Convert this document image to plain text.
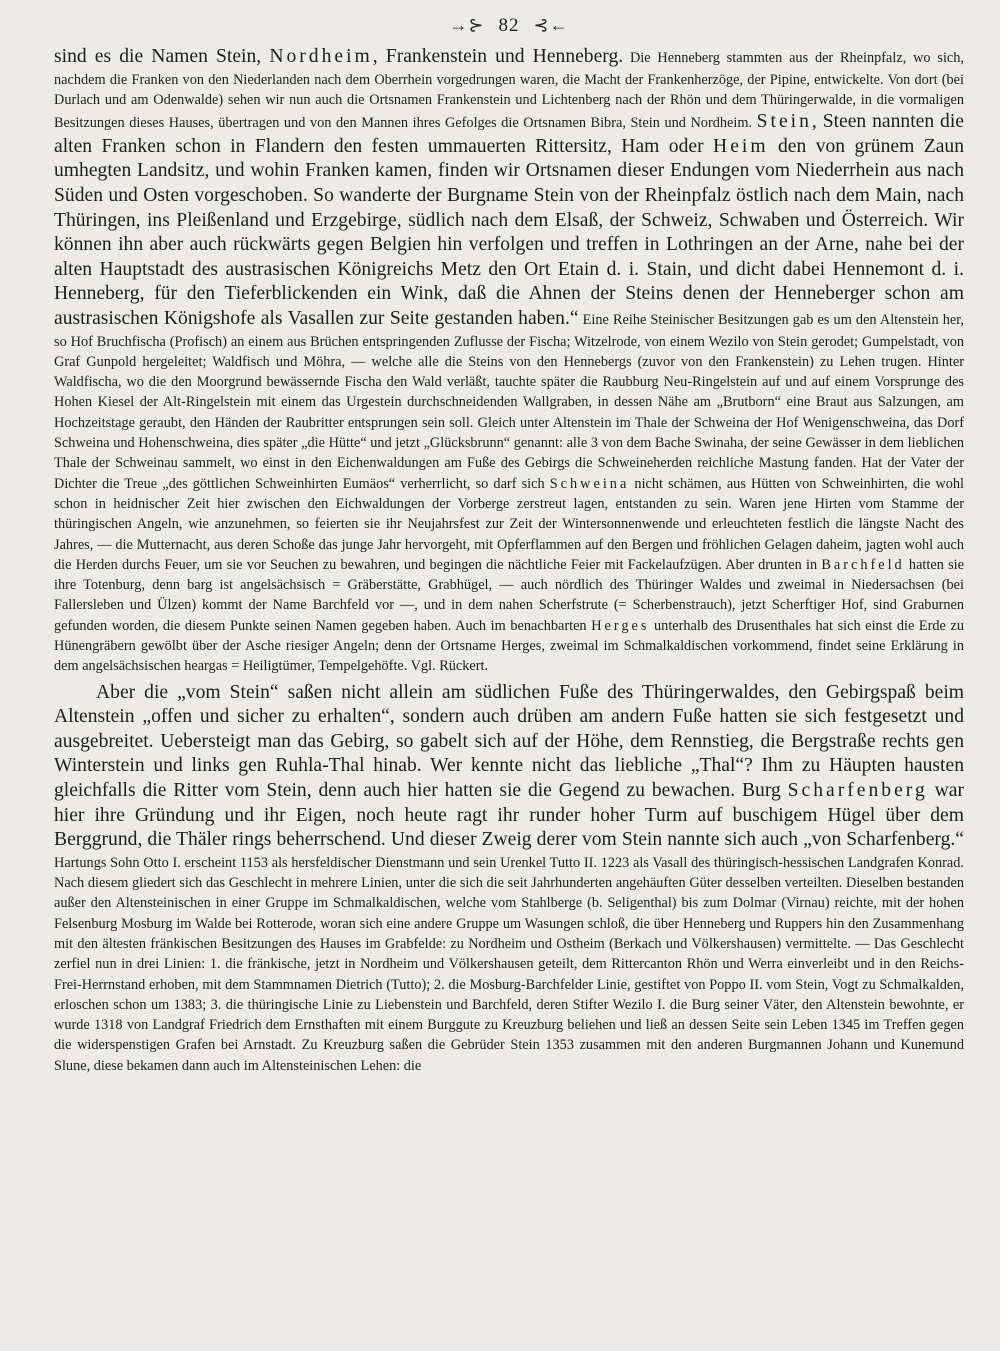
→⊱ 82 ⊰←
sind es die Namen Stein, Nordheim, Frankenstein und Henneberg. Die Henneberg stammten aus der Rheinpfalz, wo sich, nachdem die Franken von den Niederlanden nach dem Oberrhein vorgedrungen waren, die Macht der Frankenherzöge, der Pipine, entwickelte. Von dort (bei Durlach und am Odenwalde) sehen wir nun auch die Ortsnamen Frankenstein und Lichtenberg nach der Rhön und dem Thüringerwalde, in die vormaligen Besitzungen dieses Hauses, übertragen und von den Mannen ihres Gefolges die Ortsnamen Bibra, Stein und Nordheim. Stein, Steen nannten die alten Franken schon in Flandern den festen ummauerten Rittersitz, Ham oder Heim den von grünem Zaun umhegten Landsitz, und wohin Franken kamen, finden wir Ortsnamen dieser Endungen vom Niederrhein aus nach Süden und Osten vorgeschoben. So wanderte der Burgname Stein von der Rheinpfalz östlich nach dem Main, nach Thüringen, ins Pleißenland und Erzgebirge, südlich nach dem Elsaß, der Schweiz, Schwaben und Österreich. Wir können ihn aber auch rückwärts gegen Belgien hin verfolgen und treffen in Lothringen an der Arne, nahe bei der alten Hauptstadt des austrasischen Königreichs Metz den Ort Etain d. i. Stain, und dicht dabei Hennemont d. i. Henneberg, für den Tieferblickenden ein Wink, daß die Ahnen der Steins denen der Henneberger schon am austrasischen Königshofe als Vasallen zur Seite gestanden haben.“ Eine Reihe Steinischer Besitzungen gab es um den Altenstein her, so Hof Bruchfischa (Profisch) an einem aus Brüchen entspringenden Zuflusse der Fischa; Witzelrode, von einem Wezilo von Stein gerodet; Gumpelstadt, von Graf Gunpold hergeleitet; Waldfisch und Möhra, — welche alle die Steins von den Hennebergs (zuvor von den Frankenstein) zu Lehen trugen. Hinter Waldfischa, wo die den Moorgrund bewässernde Fischa den Wald verläßt, tauchte später die Raubburg Neu-Ringelstein auf und auf einem Vorsprunge des Hohen Kiesel der Alt-Ringelstein mit einem das Urgestein durchschneidenden Wallgraben, in dessen Nähe am „Brutborn“ eine Braut aus Salzungen, am Hochzeitstage geraubt, den Händen der Raubritter entsprungen sein soll. Gleich unter Altenstein im Thale der Schweina der Hof Wenigenschweina, das Dorf Schweina und Hohenschweina, dies später „die Hütte“ und jetzt „Glücksbrunn“ genannt: alle 3 von dem Bache Swinaha, der seine Gewässer in dem lieblichen Thale der Schweinau sammelt, wo einst in den Eichenwaldungen am Fuße des Gebirgs die Schweineherden reichliche Mastung fanden. Hat der Vater der Dichter die Treue „des göttlichen Schweinhirten Eumäos“ verherrlicht, so darf sich Schweina nicht schämen, aus Hütten von Schweinhirten, die wohl schon in heidnischer Zeit hier zwischen den Eichwaldungen der Vorberge zerstreut lagen, entstanden zu sein. Waren jene Hirten vom Stamme der thüringischen Angeln, wie anzunehmen, so feierten sie ihr Neujahrsfest zur Zeit der Wintersonnenwende und erleuchteten festlich die längste Nacht des Jahres, — die Mutternacht, aus deren Schoße das junge Jahr hervorgeht, mit Opferflammen auf den Bergen und fröhlichen Gelagen daheim, jagten wohl auch die Herden durchs Feuer, um sie vor Seuchen zu bewahren, und begingen die nächtliche Feier mit Fackelaufzügen. Aber drunten in Barchfeld hatten sie ihre Totenburg, denn barg ist angelsächsisch = Gräberstätte, Grabhügel, — auch nördlich des Thüringer Waldes und zweimal in Niedersachsen (bei Fallersleben und Ülzen) kommt der Name Barchfeld vor —, und in dem nahen Scherfstrute (= Scherbenstrauch), jetzt Scherftiger Hof, sind Graburnen gefunden worden, die diesem Punkte seinen Namen gegeben haben. Auch im benachbarten Herges unterhalb des Drusenthales hat sich einst die Erde zu Hünengräbern gewölbt über der Asche riesiger Angeln; denn der Ortsname Herges, zweimal im Schmalkaldischen vorkommend, findet seine Erklärung in dem angelsächsischen heargas = Heiligtümer, Tempelgehöfte. Vgl. Rückert.
Aber die „vom Stein“ saßen nicht allein am südlichen Fuße des Thüringerwaldes, den Gebirgspaß beim Altenstein „offen und sicher zu erhalten“, sondern auch drüben am andern Fuße hatten sie sich festgesetzt und ausgebreitet. Uebersteigt man das Gebirg, so gabelt sich auf der Höhe, dem Rennstieg, die Bergstraße rechts gen Winterstein und links gen Ruhla-Thal hinab. Wer kennte nicht das liebliche „Thal“? Ihm zu Häupten hausten gleichfalls die Ritter vom Stein, denn auch hier hatten sie die Gegend zu bewachen. Burg Scharfenberg war hier ihre Gründung und ihr Eigen, noch heute ragt ihr runder hoher Turm auf buschigem Hügel über dem Berggrund, die Thäler rings beherrschend. Und dieser Zweig derer vom Stein nannte sich auch „von Scharfenberg.“ Hartungs Sohn Otto I. erscheint 1153 als hersfeldischer Dienstmann und sein Urenkel Tutto II. 1223 als Vasall des thüringisch-hessischen Landgrafen Konrad. Nach diesem gliedert sich das Geschlecht in mehrere Linien, unter die sich die seit Jahrhunderten angehäuften Güter desselben verteilten. Dieselben bestanden außer den Altensteinischen in einer Gruppe im Schmalkaldischen, welche vom Stahlberge (b. Seligenthal) bis zum Dolmar (Virnau) reichte, mit der hohen Felsenburg Mosburg im Walde bei Rotterode, woran sich eine andere Gruppe um Wasungen schloß, die über Henneberg und Ruppers hin den Zusammenhang mit den ältesten fränkischen Besitzungen des Hauses im Grabfelde: zu Nordheim und Ostheim (Berkach und Völkershausen) vermittelte. — Das Geschlecht zerfiel nun in drei Linien: 1. die fränkische, jetzt in Nordheim und Völkershausen geteilt, dem Rittercanton Rhön und Werra einverleibt und in den Reichs-Frei-Herrnstand erhoben, mit dem Stammnamen Dietrich (Tutto); 2. die Mosburg-Barchfelder Linie, gestiftet von Poppo II. vom Stein, Vogt zu Schmalkalden, erloschen schon um 1383; 3. die thüringische Linie zu Liebenstein und Barchfeld, deren Stifter Wezilo I. die Burg seiner Väter, den Altenstein bewohnte, er wurde 1318 von Landgraf Friedrich dem Ernsthaften mit einem Burggute zu Kreuzburg beliehen und ließ an dessen Seite sein Leben 1345 im Treffen gegen die widerspenstigen Grafen bei Arnstadt. Zu Kreuzburg saßen die Gebrüder Stein 1353 zusammen mit den anderen Burgmannen Johann und Kunemund Slune, diese bekamen dann auch im Altensteinischen Lehen: die
